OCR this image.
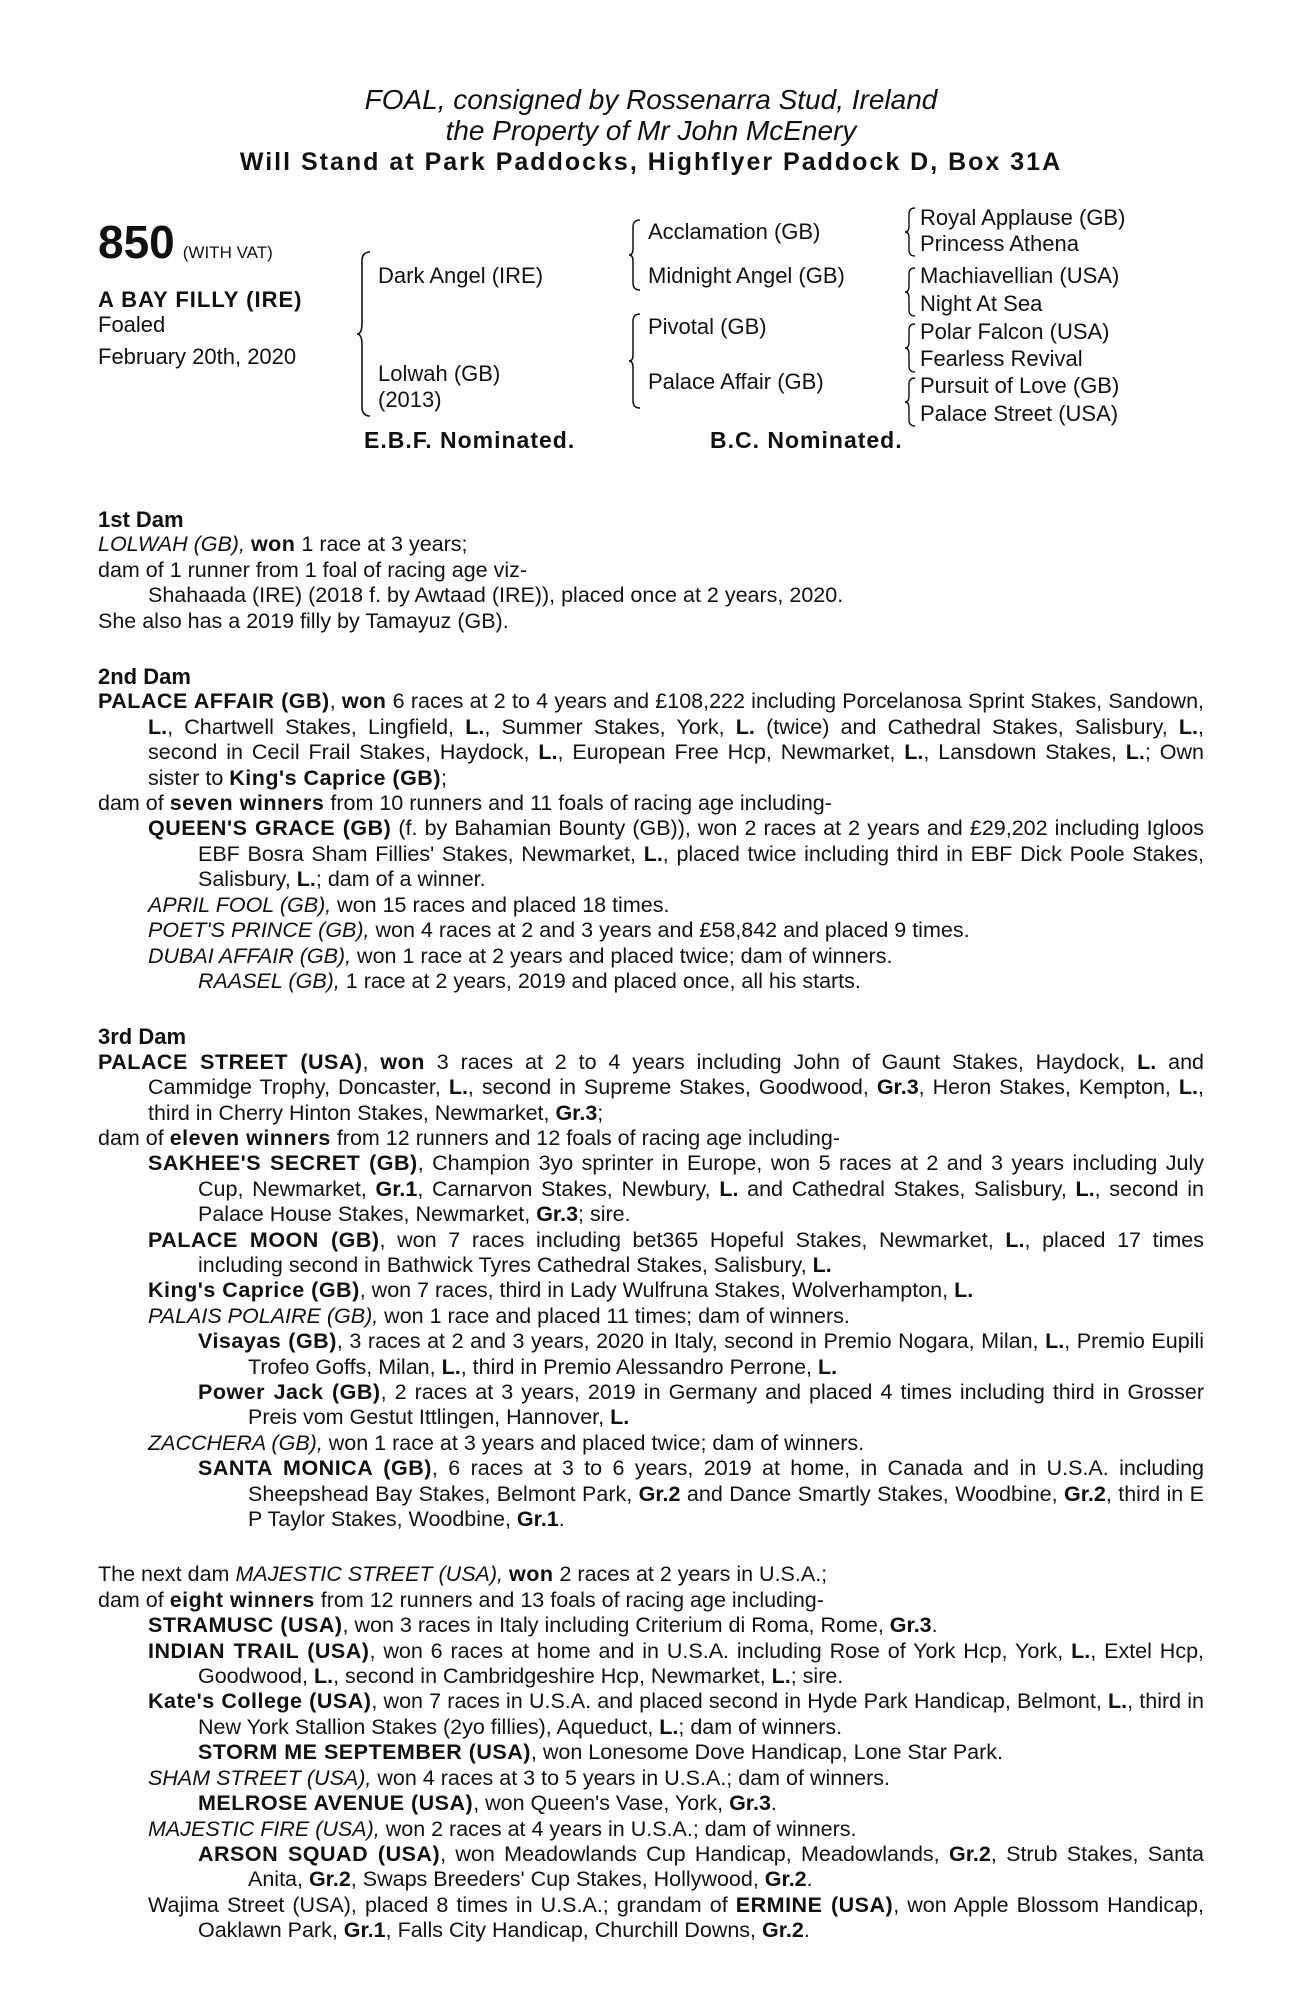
FOAL, consigned by Rossenarra Stud, Ireland
the Property of Mr John McEnery
Will Stand at Park Paddocks, Highflyer Paddock D, Box 31A
850 (WITH VAT)
A BAY FILLY (IRE)
Foaled
February 20th, 2020
Dark Angel (IRE)
Lolwah (GB)
(2013)
Acclamation (GB)
Midnight Angel (GB)
Pivotal (GB)
Palace Affair (GB)
Royal Applause (GB)
Princess Athena
Machiavellian (USA)
Night At Sea
Polar Falcon (USA)
Fearless Revival
Pursuit of Love (GB)
Palace Street (USA)
E.B.F. Nominated.	B.C. Nominated.
1st Dam
LOLWAH (GB), won 1 race at 3 years;
dam of 1 runner from 1 foal of racing age viz-
Shahaada (IRE) (2018 f. by Awtaad (IRE)), placed once at 2 years, 2020.
She also has a 2019 filly by Tamayuz (GB).
2nd Dam
PALACE AFFAIR (GB), won 6 races at 2 to 4 years and £108,222 including Porcelanosa Sprint Stakes, Sandown, L., Chartwell Stakes, Lingfield, L., Summer Stakes, York, L. (twice) and Cathedral Stakes, Salisbury, L., second in Cecil Frail Stakes, Haydock, L., European Free Hcp, Newmarket, L., Lansdown Stakes, L.; Own sister to King's Caprice (GB);
dam of seven winners from 10 runners and 11 foals of racing age including-
QUEEN'S GRACE (GB) (f. by Bahamian Bounty (GB)), won 2 races at 2 years and £29,202 including Igloos EBF Bosra Sham Fillies' Stakes, Newmarket, L., placed twice including third in EBF Dick Poole Stakes, Salisbury, L.; dam of a winner.
APRIL FOOL (GB), won 15 races and placed 18 times.
POET'S PRINCE (GB), won 4 races at 2 and 3 years and £58,842 and placed 9 times.
DUBAI AFFAIR (GB), won 1 race at 2 years and placed twice; dam of winners.
RAASEL (GB), 1 race at 2 years, 2019 and placed once, all his starts.
3rd Dam
PALACE STREET (USA), won 3 races at 2 to 4 years including John of Gaunt Stakes, Haydock, L. and Cammidge Trophy, Doncaster, L., second in Supreme Stakes, Goodwood, Gr.3, Heron Stakes, Kempton, L., third in Cherry Hinton Stakes, Newmarket, Gr.3;
dam of eleven winners from 12 runners and 12 foals of racing age including-
SAKHEE'S SECRET (GB), Champion 3yo sprinter in Europe, won 5 races at 2 and 3 years including July Cup, Newmarket, Gr.1, Carnarvon Stakes, Newbury, L. and Cathedral Stakes, Salisbury, L., second in Palace House Stakes, Newmarket, Gr.3; sire.
PALACE MOON (GB), won 7 races including bet365 Hopeful Stakes, Newmarket, L., placed 17 times including second in Bathwick Tyres Cathedral Stakes, Salisbury, L.
King's Caprice (GB), won 7 races, third in Lady Wulfruna Stakes, Wolverhampton, L.
PALAIS POLAIRE (GB), won 1 race and placed 11 times; dam of winners.
Visayas (GB), 3 races at 2 and 3 years, 2020 in Italy, second in Premio Nogara, Milan, L., Premio Eupili Trofeo Goffs, Milan, L., third in Premio Alessandro Perrone, L.
Power Jack (GB), 2 races at 3 years, 2019 in Germany and placed 4 times including third in Grosser Preis vom Gestut Ittlingen, Hannover, L.
ZACCHERA (GB), won 1 race at 3 years and placed twice; dam of winners.
SANTA MONICA (GB), 6 races at 3 to 6 years, 2019 at home, in Canada and in U.S.A. including Sheepshead Bay Stakes, Belmont Park, Gr.2 and Dance Smartly Stakes, Woodbine, Gr.2, third in E P Taylor Stakes, Woodbine, Gr.1.
The next dam MAJESTIC STREET (USA), won 2 races at 2 years in U.S.A.;
dam of eight winners from 12 runners and 13 foals of racing age including-
STRAMUSC (USA), won 3 races in Italy including Criterium di Roma, Rome, Gr.3.
INDIAN TRAIL (USA), won 6 races at home and in U.S.A. including Rose of York Hcp, York, L., Extel Hcp, Goodwood, L., second in Cambridgeshire Hcp, Newmarket, L.; sire.
Kate's College (USA), won 7 races in U.S.A. and placed second in Hyde Park Handicap, Belmont, L., third in New York Stallion Stakes (2yo fillies), Aqueduct, L.; dam of winners.
STORM ME SEPTEMBER (USA), won Lonesome Dove Handicap, Lone Star Park.
SHAM STREET (USA), won 4 races at 3 to 5 years in U.S.A.; dam of winners.
MELROSE AVENUE (USA), won Queen's Vase, York, Gr.3.
MAJESTIC FIRE (USA), won 2 races at 4 years in U.S.A.; dam of winners.
ARSON SQUAD (USA), won Meadowlands Cup Handicap, Meadowlands, Gr.2, Strub Stakes, Santa Anita, Gr.2, Swaps Breeders' Cup Stakes, Hollywood, Gr.2.
Wajima Street (USA), placed 8 times in U.S.A.; grandam of ERMINE (USA), won Apple Blossom Handicap, Oaklawn Park, Gr.1, Falls City Handicap, Churchill Downs, Gr.2.
